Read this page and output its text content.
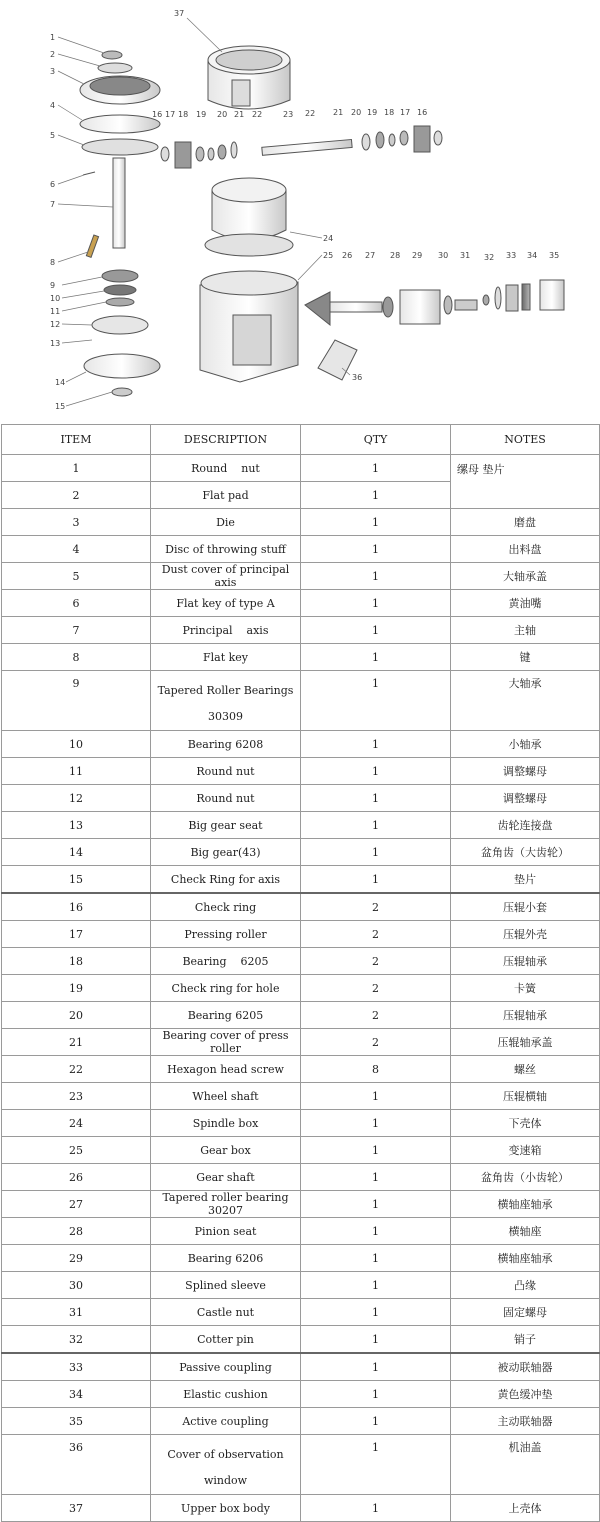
1
2
3
4
5
6
7
8
9
10
11
12
13
14
15
16 17 18 19 20 21 22	23 22 21 20 19 18 17 16
24
25 26 27 28 29 30 31 32 33 34 35
36
37
ITEM	DESCRIPTION	QTY	NOTES
1	Round    nut	1	缧母 垫片
2	Flat pad	1	
3	Die	1	磨盘
4	Disc of throwing stuff	1	出料盘
5	Dust cover of principal axis	1	大轴承盖
6	Flat key of type A	1	黄油嘴
7	Principal    axis	1	主轴
8	Flat key	1	键
9	Tapered Roller Bearings
30309	1	大轴承
10	Bearing 6208	1	小轴承
11	Round nut	1	调整螺母
12	Round nut	1	调整螺母
13	Big gear seat	1	齿轮连接盘
14	Big gear(43)	1	盆角齿（大齿轮）
15	Check Ring for axis	1	垫片
16	Check ring	2	压辊小套
17	Pressing roller	2	压辊外壳
18	Bearing    6205	2	压辊轴承
19	Check ring for hole	2	卡簧
20	Bearing 6205	2	压辊轴承
21	Bearing cover of press roller	2	压辊轴承盖
22	Hexagon head screw	8	螺丝
23	Wheel shaft	1	压辊横轴
24	Spindle box	1	下壳体
25	Gear box	1	变速箱
26	Gear shaft	1	盆角齿（小齿轮）
27	Tapered roller bearing 30207	1	横轴座轴承
28	Pinion seat	1	横轴座
29	Bearing 6206	1	横轴座轴承
30	Splined sleeve	1	凸缘
31	Castle nut	1	固定螺母
32	Cotter pin	1	销子
33	Passive coupling	1	被动联轴器
34	Elastic cushion	1	黄色缓冲垫
35	Active coupling	1	主动联轴器
36	Cover of observation
window	1	机油盖
37	Upper box body	1	上壳体
